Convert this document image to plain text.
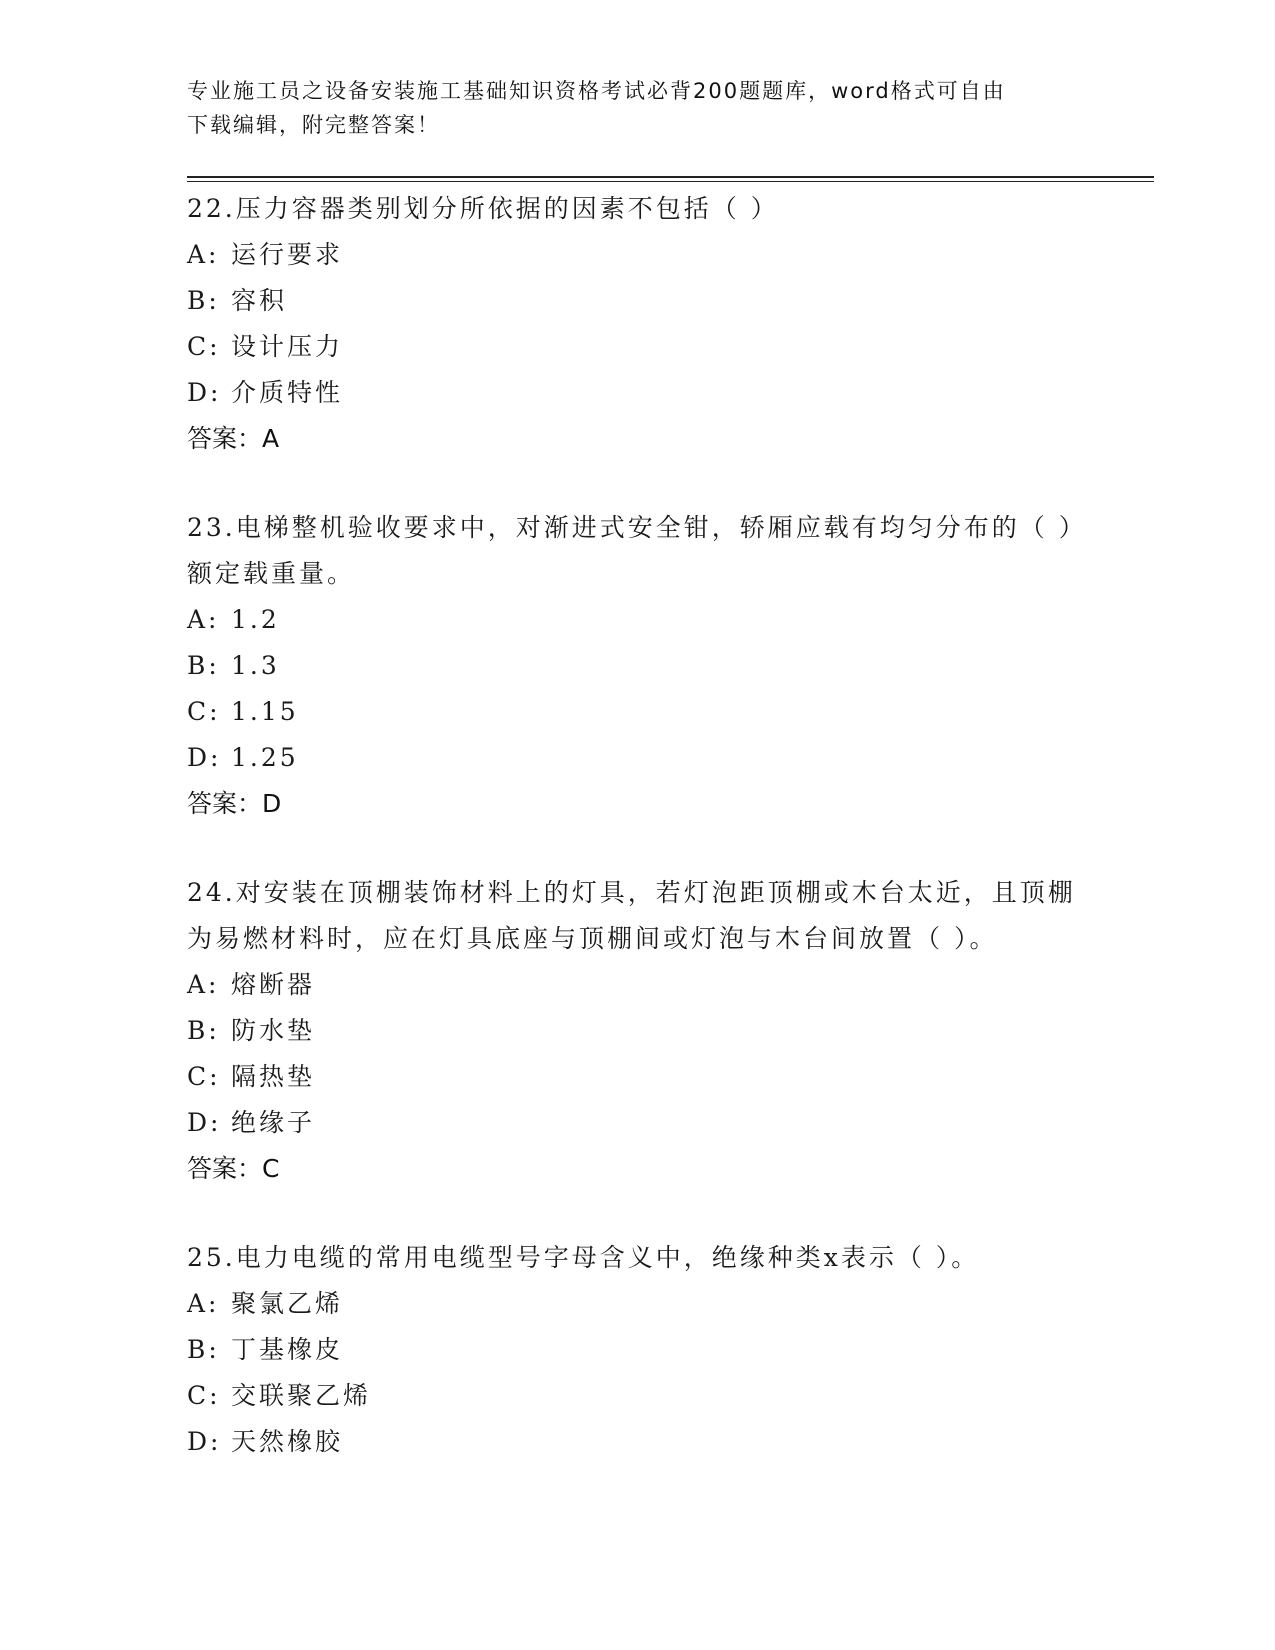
专业施工员之设备安装施工基础知识资格考试必背200题题库，word格式可自由
下载编辑，附完整答案！

22.压力容器类别划分所依据的因素不包括（ ）

A: 运行要求

B: 容积

C: 设计压力

D: 介质特性

答案：A

23.电梯整机验收要求中，对渐进式安全钳，轿厢应载有均匀分布的（ ）额定载重量。

A: 1.2

B: 1.3

C: 1.15

D: 1.25

答案：D

24.对安装在顶棚装饰材料上的灯具，若灯泡距顶棚或木台太近，且顶棚为易燃材料时，应在灯具底座与顶棚间或灯泡与木台间放置（ ）。

A: 熔断器

B: 防水垫

C: 隔热垫

D: 绝缘子

答案：C

25.电力电缆的常用电缆型号字母含义中，绝缘种类x表示（ ）。

A: 聚氯乙烯

B: 丁基橡皮

C: 交联聚乙烯

D: 天然橡胶
